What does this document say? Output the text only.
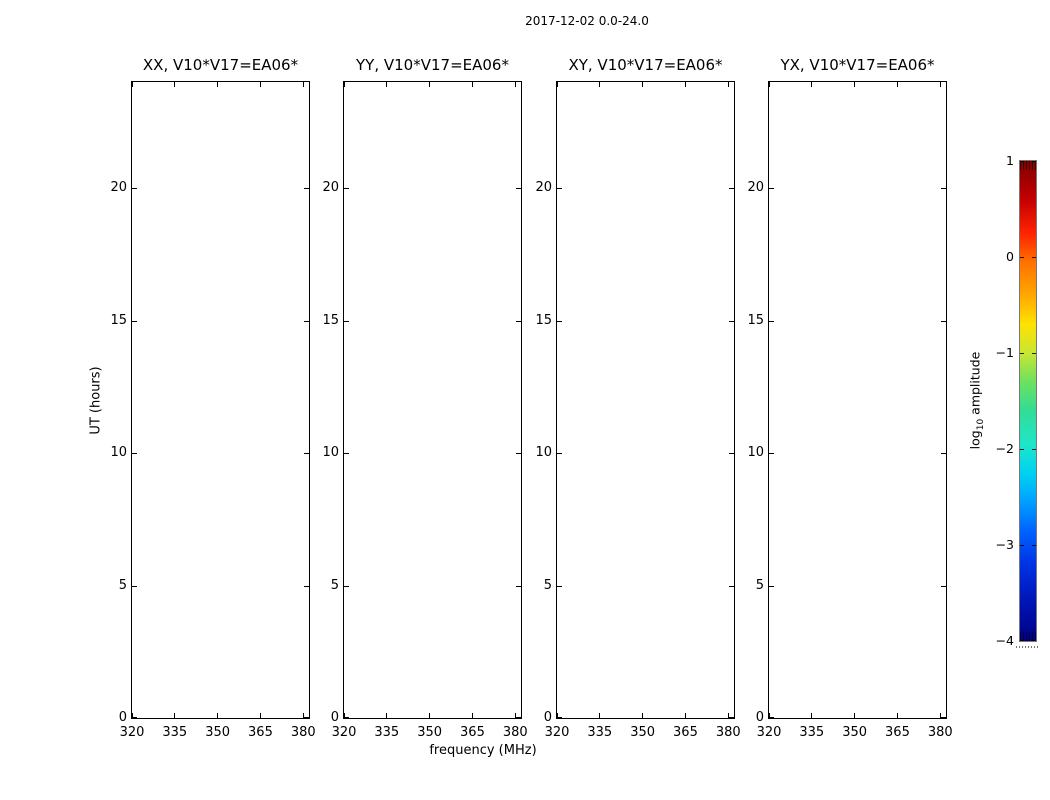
2017-12-02 0.0-24.0
XX, V10*V17=EA06*	YY, V10*V17=EA06*	XY, V10*V17=EA06*	YX, V10*V17=EA06*
320	335	350	365	380
0
5
10
15
20
320	335	350	365	380
0
5
10
15
20
320	335	350	365	380
0
5
10
15
20
320	335	350	365	380
0
5
10
15
20
UT (hours)
frequency (MHz)
1
0
−1
−2
−3
−4
$\log_{10}$ amplitude
